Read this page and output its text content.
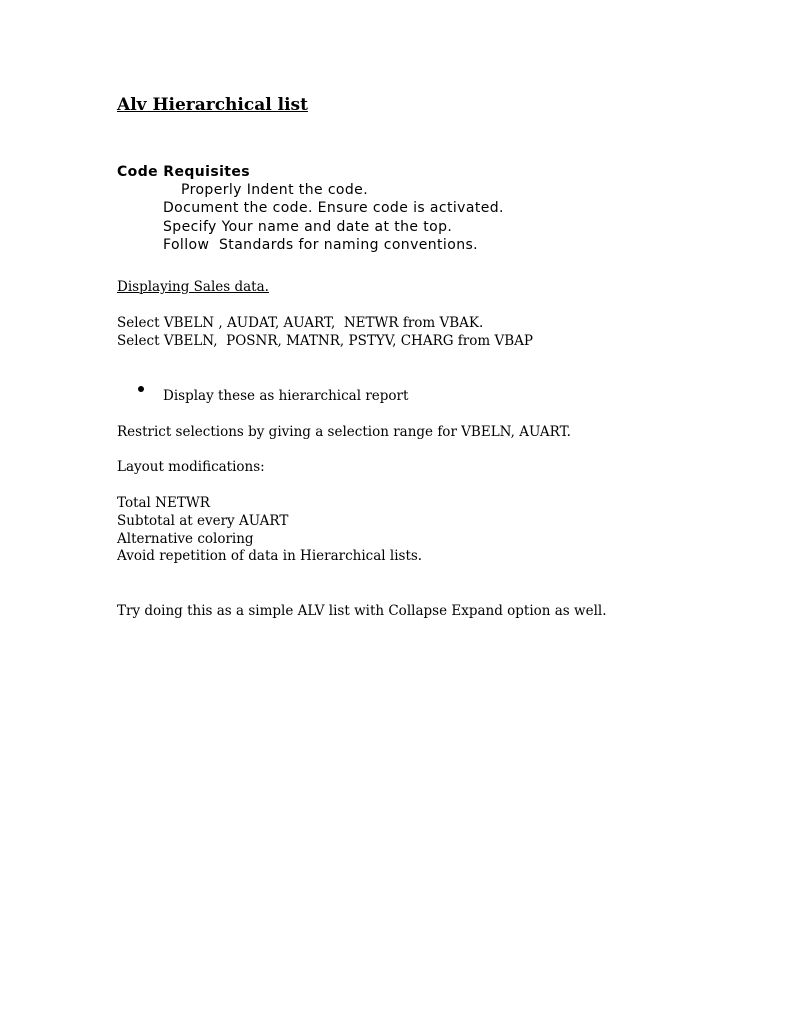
Alv Hierarchical list
Code Requisites
Properly Indent the code.
Document the code. Ensure code is activated.
Specify Your name and date at the top.
Follow  Standards for naming conventions.
Displaying Sales data.
Select VBELN , AUDAT, AUART,  NETWR from VBAK.
Select VBELN,  POSNR, MATNR, PSTYV, CHARG from VBAP
Display these as hierarchical report
Restrict selections by giving a selection range for VBELN, AUART.
Layout modifications:
Total NETWR
Subtotal at every AUART
Alternative coloring
Avoid repetition of data in Hierarchical lists.
Try doing this as a simple ALV list with Collapse Expand option as well.
